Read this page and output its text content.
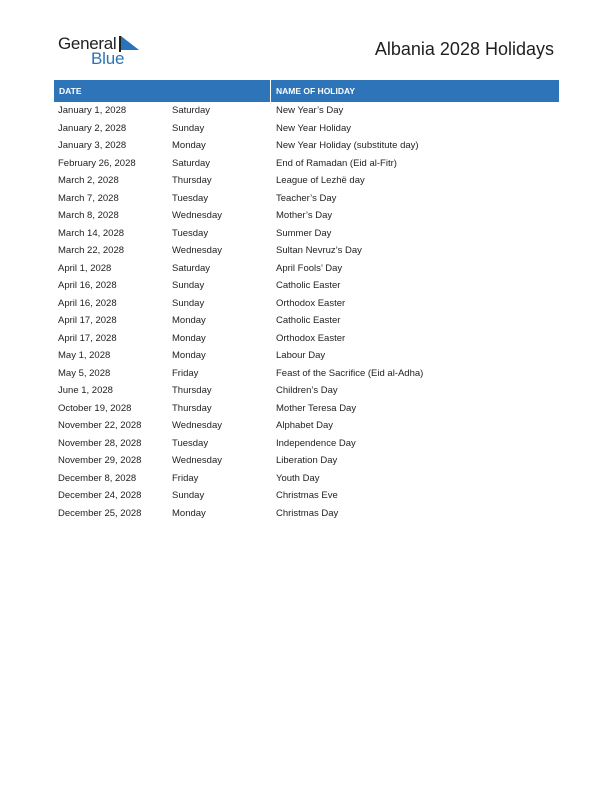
General
Blue	Albania 2028 Holidays
DATE	NAME OF HOLIDAY
January 1, 2028	Saturday	New Year’s Day
January 2, 2028	Sunday	New Year Holiday
January 3, 2028	Monday	New Year Holiday (substitute day)
February 26, 2028	Saturday	End of Ramadan (Eid al-Fitr)
March 2, 2028	Thursday	League of Lezhë day
March 7, 2028	Tuesday	Teacher’s Day
March 8, 2028	Wednesday	Mother’s Day
March 14, 2028	Tuesday	Summer Day
March 22, 2028	Wednesday	Sultan Nevruz’s Day
April 1, 2028	Saturday	April Fools’ Day
April 16, 2028	Sunday	Catholic Easter
April 16, 2028	Sunday	Orthodox Easter
April 17, 2028	Monday	Catholic Easter
April 17, 2028	Monday	Orthodox Easter
May 1, 2028	Monday	Labour Day
May 5, 2028	Friday	Feast of the Sacrifice (Eid al-Adha)
June 1, 2028	Thursday	Children’s Day
October 19, 2028	Thursday	Mother Teresa Day
November 22, 2028	Wednesday	Alphabet Day
November 28, 2028	Tuesday	Independence Day
November 29, 2028	Wednesday	Liberation Day
December 8, 2028	Friday	Youth Day
December 24, 2028	Sunday	Christmas Eve
December 25, 2028	Monday	Christmas Day
